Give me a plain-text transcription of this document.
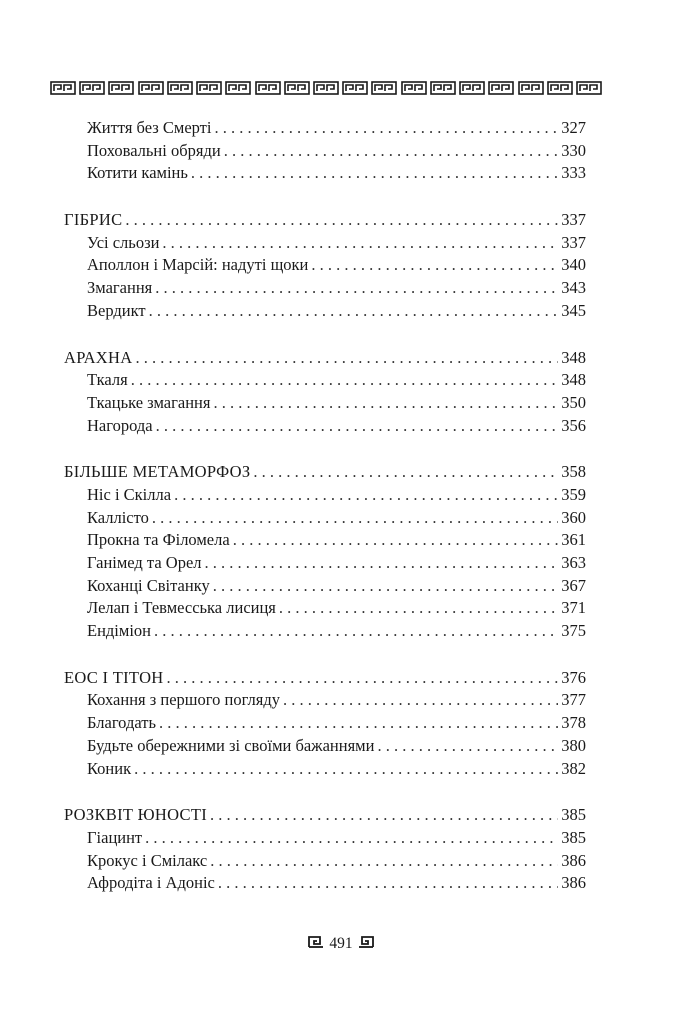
Життя без Смерті . . .	327
Поховальні обряди . . .	330
Котити камінь . . .	333
ГІБРИС . . .	337
Усі сльози . . .	337
Аполлон і Марсій: надуті щоки . . .	340
Змагання . . .	343
Вердикт . . .	345
АРАХНА . . .	348
Ткаля . . .	348
Ткацьке змагання . . .	350
Нагорода . . .	356
БІЛЬШЕ МЕТАМОРФОЗ . . .	358
Ніс і Скілла . . .	359
Каллісто . . .	360
Прокна та Філомела . . .	361
Ганімед та Орел . . .	363
Коханці Світанку . . .	367
Лелап і Тевмесська лисиця . . .	371
Ендіміон . . .	375
ЕОС І ТІТОН . . .	376
Кохання з першого погляду . . .	377
Благодать . . .	378
Будьте обережними зі своїми бажаннями . . .	380
Коник . . .	382
РОЗКВІТ ЮНОСТІ . . .	385
Гіацинт . . .	385
Крокус і Смілакс . . .	386
Афродіта і Адоніс . . .	386
491
